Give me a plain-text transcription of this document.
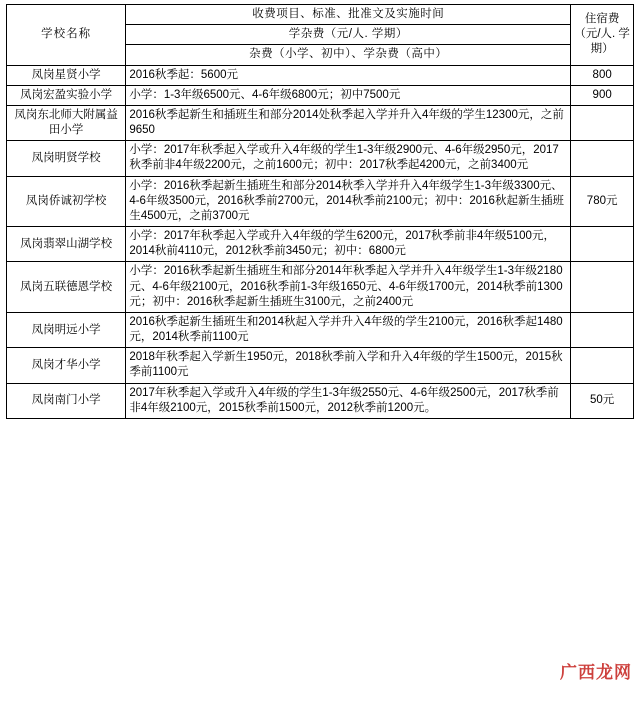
学校名称	收费项目、标准、批准文及实施时间	住宿费（元/人. 学期）
	学杂费（元/人. 学期）	
	杂费（小学、初中）、学杂费（高中）	
凤岗星贤小学	2016秋季起：5600元	800
凤岗宏盈实验小学	小学：1-3年级6500元、4-6年级6800元；初中7500元	900
凤岗东北师大附属益田小学	2016秋季起新生和插班生和部分2014处秋季起入学并升入4年级的学生12300元，之前9650	
凤岗明贤学校	小学：2017年秋季起入学或升入4年级的学生1-3年级2900元、4-6年级2950元，2017秋季前非4年级2200元，之前1600元；初中：2017秋季起4200元，之前3400元	
凤岗侨诚初学校	小学：2016秋季起新生插班生和部分2014秋季入学并升入4年级学生1-3年级3300元、4-6年级3500元，2016秋季前2700元，2014秋季前2100元；初中：2016秋起新生插班生4500元，之前3700元	780元
凤岗翡翠山湖学校	小学：2017年秋季起入学或升入4年级的学生6200元，2017秋季前非4年级5100元，2014秋前4110元，2012秋季前3450元；初中：6800元	
凤岗五联德恩学校	小学：2016秋季起新生插班生和部分2014年秋季起入学并升入4年级学生1-3年级2180元、4-6年级2100元，2016秋季前1-3年级1650元、4-6年级1700元，2014秋季前1300元；初中：2016秋季起新生插班生3100元，之前2400元	
凤岗明远小学	2016秋季起新生插班生和2014秋起入学并升入4年级的学生2100元，2016秋季起1480元，2014秋季前1100元	
凤岗才华小学	2018年秋季起入学新生1950元，2018秋季前入学和升入4年级的学生1500元，2015秋季前1100元	
凤岗南门小学	2017年秋季起入学或升入4年级的学生1-3年级2550元、4-6年级2500元，2017秋季前非4年级2100元，2015秋季前1500元，2012秋季前1200元。	50元
广西龙网
